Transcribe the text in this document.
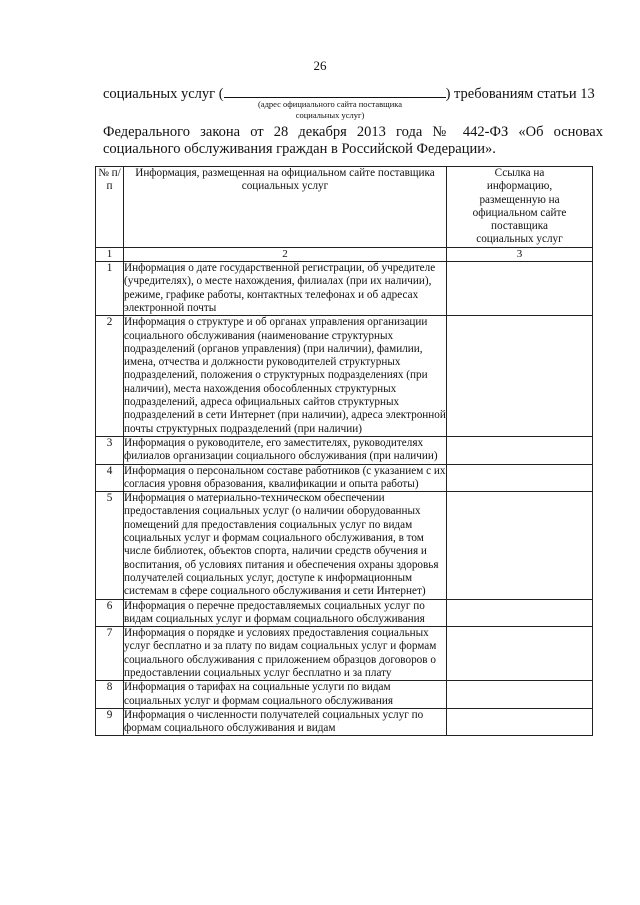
26
социальных услуг (	) требованиям статьи 13
(адрес официального сайта поставщика социальных услуг)
Федерального закона от 28 декабря 2013 года № 442-ФЗ «Об основах
социального обслуживания граждан в Российской Федерации».
№ п/п	Информация, размещенная на официальном сайте поставщика социальных услуг	Ссылка на информацию, размещенную на официальном сайте поставщика социальных услуг
1	2	3
1	Информация о дате государственной регистрации, об учредителе (учредителях), о месте нахождения, филиалах (при их наличии), режиме, графике работы, контактных телефонах и об адресах электронной почты	
2	Информация о структуре и об органах управления организации социального обслуживания (наименование структурных подразделений (органов управления) (при наличии), фамилии, имена, отчества и должности руководителей структурных подразделений, положения о структурных подразделениях (при наличии), места нахождения обособленных структурных подразделений, адреса официальных сайтов структурных подразделений в сети Интернет (при наличии), адреса электронной почты структурных подразделений (при наличии)	
3	Информация о руководителе, его заместителях, руководителях филиалов организации социального обслуживания (при наличии)	
4	Информация о персональном составе работников (с указанием с их согласия уровня образования, квалификации и опыта работы)	
5	Информация о материально-техническом обеспечении предоставления социальных услуг (о наличии оборудованных помещений для предоставления социальных услуг по видам социальных услуг и формам социального обслуживания, в том числе библиотек, объектов спорта, наличии средств обучения и воспитания, об условиях питания и обеспечения охраны здоровья получателей социальных услуг, доступе к информационным системам в сфере социального обслуживания и сети Интернет)	
6	Информация о перечне предоставляемых социальных услуг по видам социальных услуг и формам социального обслуживания	
7	Информация о порядке и условиях предоставления социальных услуг бесплатно и за плату по видам социальных услуг и формам социального обслуживания с приложением образцов договоров о предоставлении социальных услуг бесплатно и за плату	
8	Информация о тарифах на социальные услуги по видам социальных услуг и формам социального обслуживания	
9	Информация о численности получателей социальных услуг по формам социального обслуживания и видам	
